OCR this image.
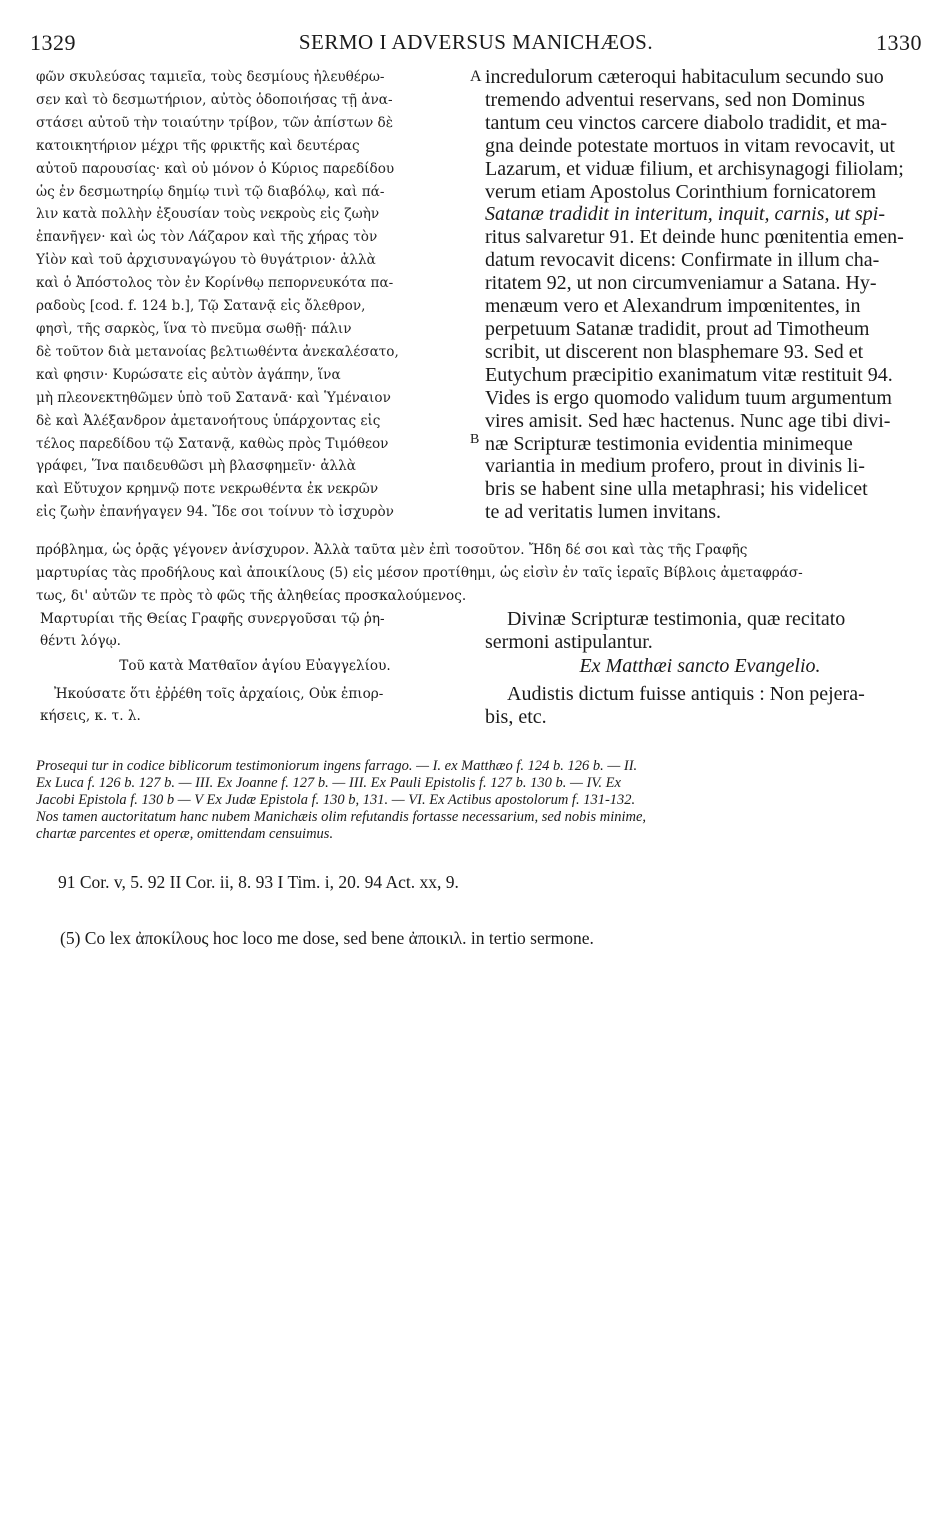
1329	SERMO I ADVERSUS MANICHÆOS.	1330
A
B
φῶν σκυλεύσας ταμιεῖα, τοὺς δεσμίους ἠλευθέρω-
σεν καὶ τὸ δεσμωτήριον, αὐτὸς ὁδοποιήσας τῇ ἀνα-
στάσει αὐτοῦ τὴν τοιαύτην τρίβον, τῶν ἀπίστων δὲ
κατοικητήριον μέχρι τῆς φρικτῆς καὶ δευτέρας
αὐτοῦ παρουσίας· καὶ οὐ μόνον ὁ Κύριος παρεδίδου
ὡς ἐν δεσμωτηρίῳ δημίῳ τινὶ τῷ διαβόλῳ, καὶ πά-
λιν κατὰ πολλὴν ἐξουσίαν τοὺς νεκροὺς εἰς ζωὴν
ἐπανῆγεν· καὶ ὡς τὸν Λάζαρον καὶ τῆς χήρας τὸν
Υἱὸν καὶ τοῦ ἀρχισυναγώγου τὸ θυγάτριον· ἀλλὰ
καὶ ὁ Ἀπόστολος τὸν ἐν Κορίνθῳ πεπορνευκότα πα-
ραδοὺς [cod. f. 124 b.], Τῷ Σατανᾷ εἰς ὄλεθρον,
φησὶ, τῆς σαρκὸς, ἵνα τὸ πνεῦμα σωθῇ· πάλιν
δὲ τοῦτον διὰ μετανοίας βελτιωθέντα ἀνεκαλέσατο,
καὶ φησιν· Κυρώσατε εἰς αὐτὸν ἀγάπην, ἵνα
μὴ πλεονεκτηθῶμεν ὑπὸ τοῦ Σατανᾶ· καὶ Ὑμέναιον
δὲ καὶ Ἀλέξανδρον ἀμετανοήτους ὑπάρχοντας εἰς
τέλος παρεδίδου τῷ Σατανᾷ, καθὼς πρὸς Τιμόθεον
γράφει, Ἵνα παιδευθῶσι μὴ βλασφημεῖν· ἀλλὰ
καὶ Εὔτυχον κρημνῷ ποτε νεκρωθέντα ἐκ νεκρῶν
εἰς ζωὴν ἐπανήγαγεν 94. Ἴδε σοι τοίνυν τὸ ἰσχυρὸν
incredulorum cæteroqui habitaculum secundo suo
tremendo adventui reservans, sed non Dominus
tantum ceu vinctos carcere diabolo tradidit, et ma-
gna deinde potestate mortuos in vitam revocavit, ut
Lazarum, et viduæ filium, et archisynagogi filiolam;
verum etiam Apostolus Corinthium fornicatorem
Satanæ tradidit in interitum, inquit, carnis, ut spi-
ritus salvaretur 91. Et deinde hunc pœnitentia emen-
datum revocavit dicens: Confirmate in illum cha-
ritatem 92, ut non circumveniamur a Satana. Hy-
menæum vero et Alexandrum impœnitentes, in
perpetuum Satanæ tradidit, prout ad Timotheum
scribit, ut discerent non blasphemare 93. Sed et
Eutychum præcipitio exanimatum vitæ restituit 94.
Vides is ergo quomodo validum tuum argumentum
vires amisit. Sed hæc hactenus. Nunc age tibi divi-
næ Scripturæ testimonia evidentia minimeque
variantia in medium profero, prout in divinis li-
bris se habent sine ulla metaphrasi; his videlicet
te ad veritatis lumen invitans.
πρόβλημα, ὡς ὁρᾷς γέγονεν ἀνίσχυρον. Ἀλλὰ ταῦτα μὲν ἐπὶ τοσοῦτον. Ἤδη δέ σοι καὶ τὰς τῆς Γραφῆς
μαρτυρίας τὰς προδήλους καὶ ἀποικίλους (5) εἰς μέσον προτίθημι, ὡς εἰσὶν ἐν ταῖς ἱεραῖς Βίβλοις ἀμεταφράσ-
τως, δι' αὐτῶν τε πρὸς τὸ φῶς τῆς ἀληθείας προσκαλούμενος.
Μαρτυρίαι τῆς Θείας Γραφῆς συνεργοῦσαι τῷ ῥη-
θέντι λόγῳ.
Divinæ Scripturæ testimonia, quæ recitato
sermoni astipulantur.
Τοῦ κατὰ Ματθαῖον ἁγίου Εὐαγγελίου.	Ex Matthæi sancto Evangelio.
Ἠκούσατε ὅτι ἐῤῥέθη τοῖς ἀρχαίοις, Οὐκ ἐπιορ-
κήσεις, κ. τ. λ.
Audistis dictum fuisse antiquis : Non pejera-
bis, etc.
Prosequi tur in codice biblicorum testimoniorum ingens farrago. — I. ex Matthæo f. 124 b. 126 b. — II.
Ex Luca f. 126 b. 127 b. — III. Ex Joanne f. 127 b. — III. Ex Pauli Epistolis f. 127 b. 130 b. — IV. Ex
Jacobi Epistola f. 130 b — V Ex Judæ Epistola f. 130 b, 131. — VI. Ex Actibus apostolorum f. 131-132.
Nos tamen auctoritatum hanc nubem Manichæis olim refutandis fortasse necessarium, sed nobis minime,
chartæ parcentes et operæ, omittendam censuimus.
91 Cor. v, 5. 92 II Cor. ii, 8. 93 I Tim. i, 20. 94 Act. xx, 9.
(5) Co lex ἀποκίλους hoc loco me dose, sed bene ἀποικιλ. in tertio sermone.
